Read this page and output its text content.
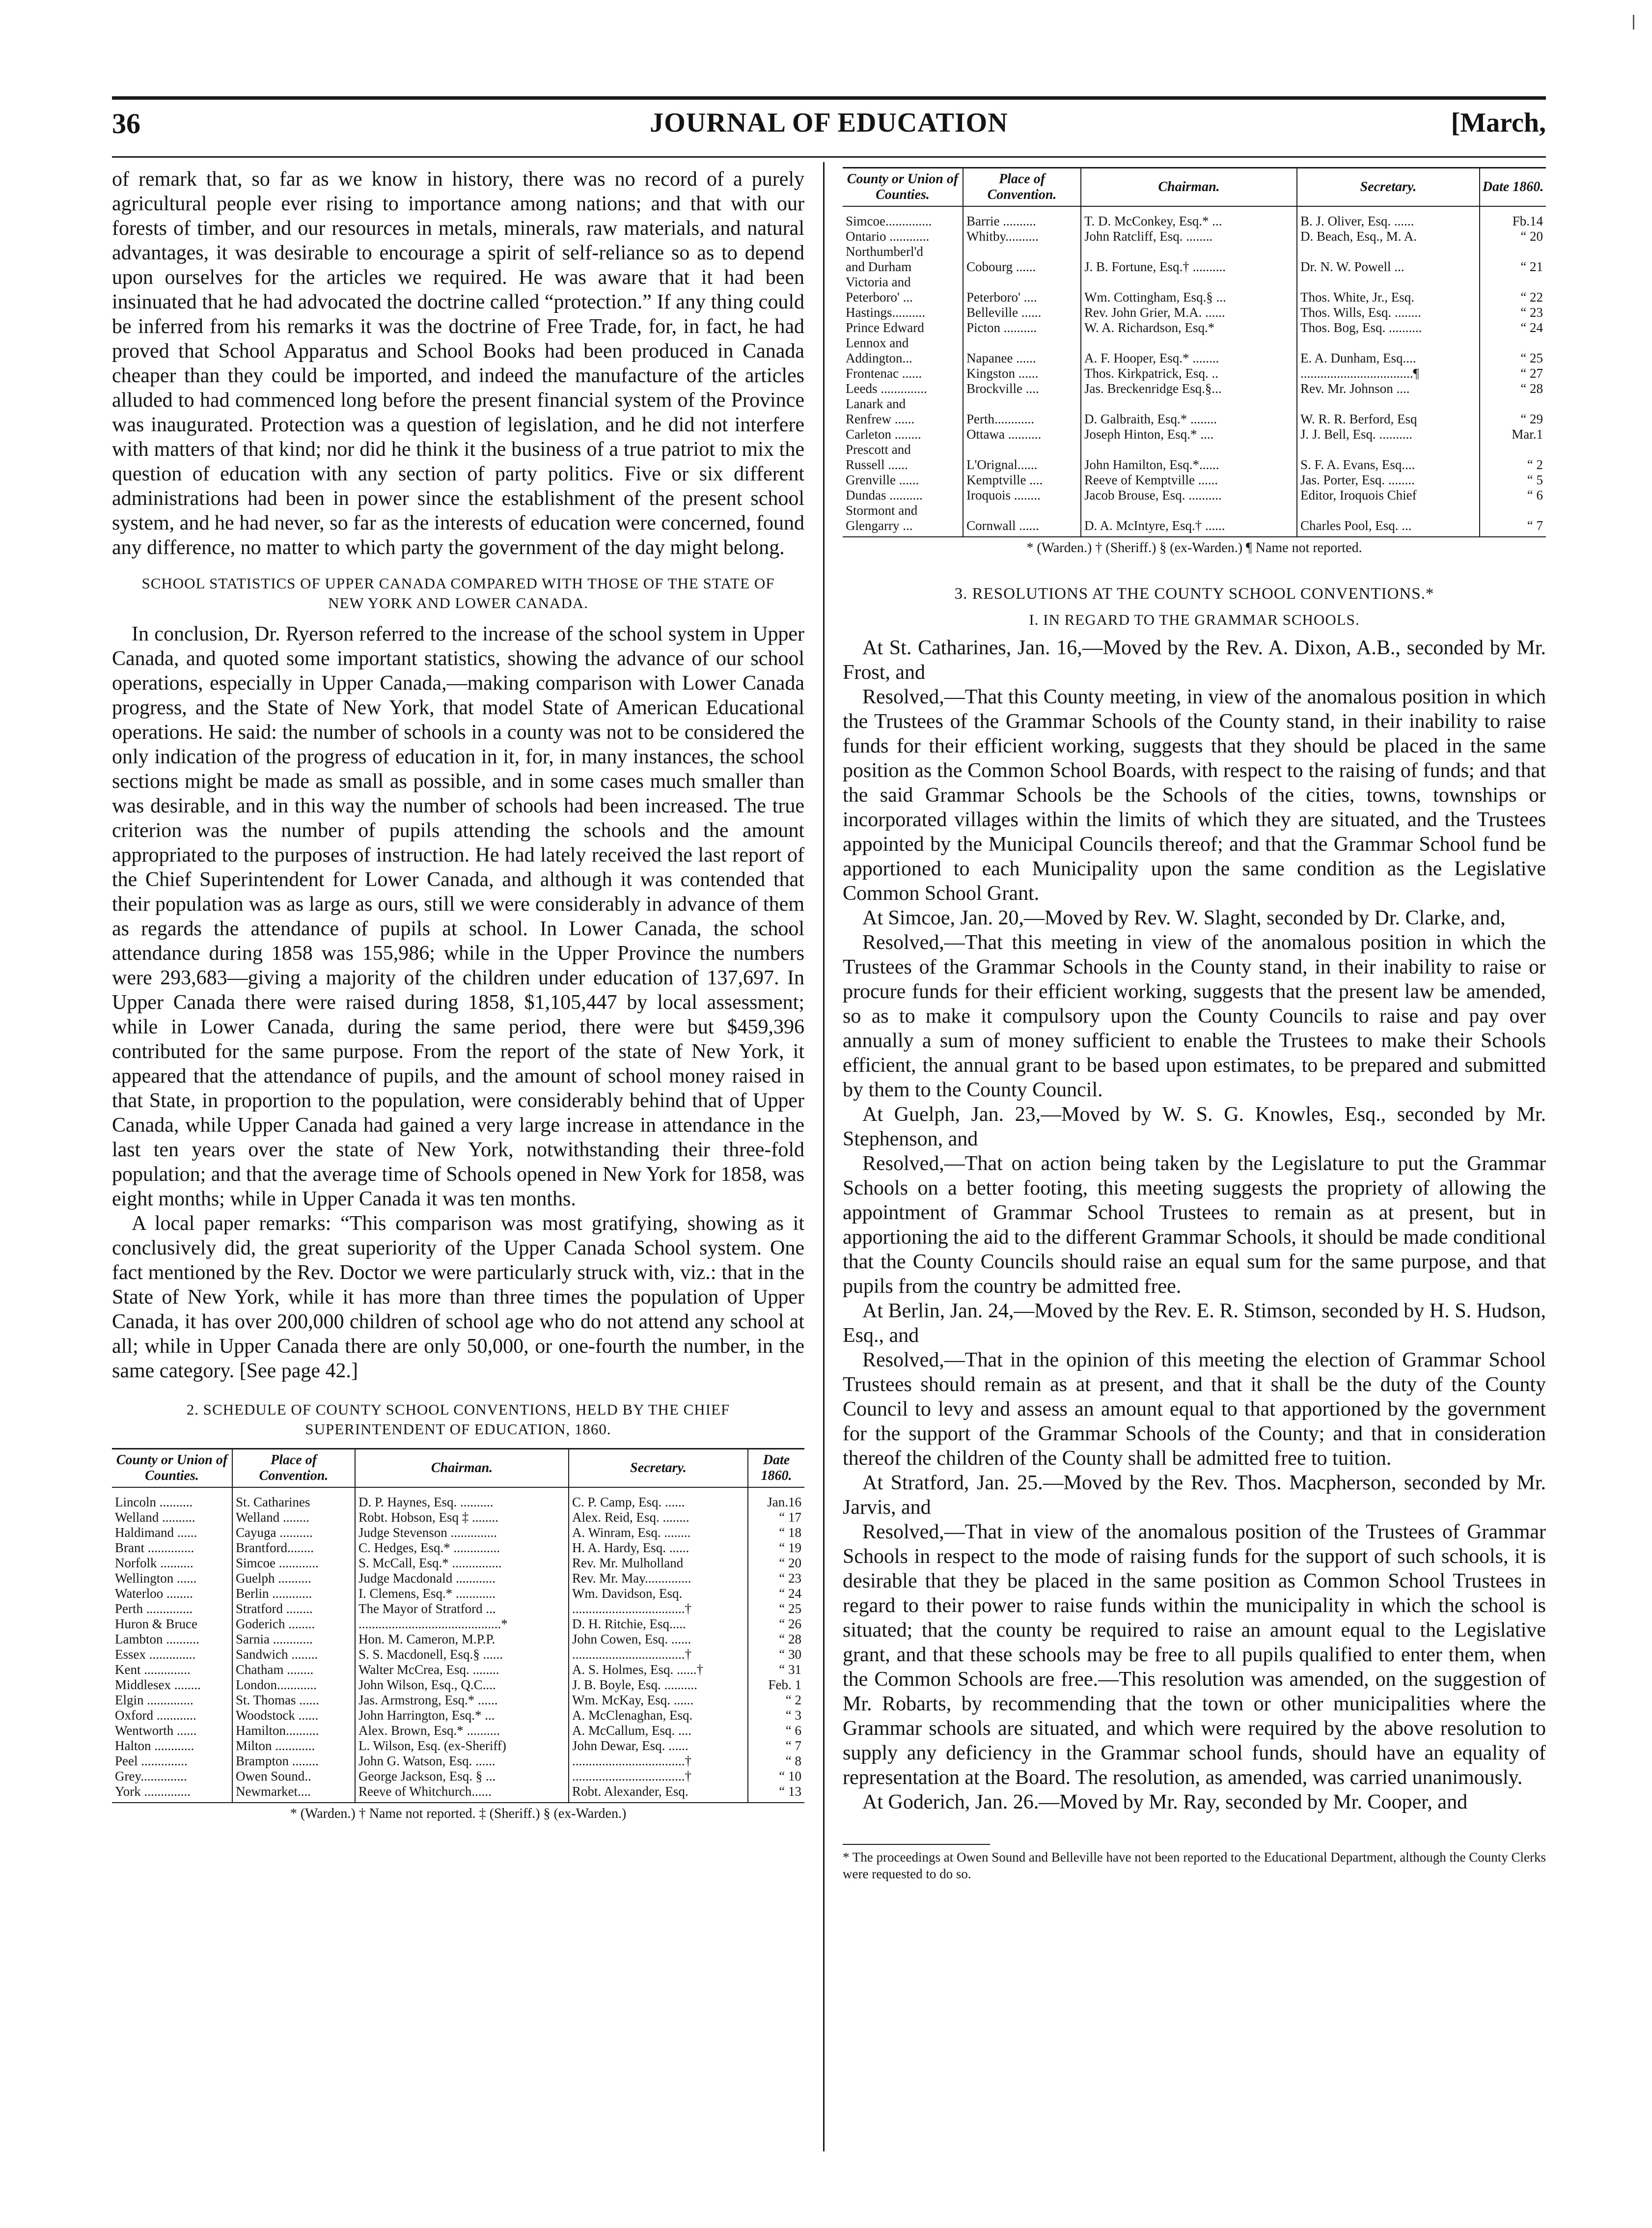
36	JOURNAL OF EDUCATION	[March,

of remark that, so far as we know in history, there was no record of a purely agricultural people ever rising to importance among nations; and that with our forests of timber, and our resources in metals, minerals, raw materials, and natural advantages, it was desirable to encourage a spirit of self-reliance so as to depend upon ourselves for the articles we required. He was aware that it had been insinuated that he had advocated the doctrine called “protection.” If any thing could be inferred from his remarks it was the doctrine of Free Trade, for, in fact, he had proved that School Apparatus and School Books had been produced in Canada cheaper than they could be imported, and indeed the manufacture of the articles alluded to had commenced long before the present financial system of the Province was inaugurated. Protection was a question of legislation, and he did not interfere with matters of that kind; nor did he think it the business of a true patriot to mix the question of education with any section of party politics. Five or six different administrations had been in power since the establishment of the present school system, and he had never, so far as the interests of education were concerned, found any difference, no matter to which party the government of the day might belong.

SCHOOL STATISTICS OF UPPER CANADA COMPARED WITH THOSE OF THE STATE OF NEW YORK AND LOWER CANADA.

In conclusion, Dr. Ryerson referred to the increase of the school system in Upper Canada, and quoted some important statistics, showing the advance of our school operations, especially in Upper Canada,—making comparison with Lower Canada progress, and the State of New York, that model State of American Educational operations. He said: the number of schools in a county was not to be considered the only indication of the progress of education in it, for, in many instances, the school sections might be made as small as possible, and in some cases much smaller than was desirable, and in this way the number of schools had been increased. The true criterion was the number of pupils attending the schools and the amount appropriated to the purposes of instruction. He had lately received the last report of the Chief Superintendent for Lower Canada, and although it was contended that their population was as large as ours, still we were considerably in advance of them as regards the attendance of pupils at school. In Lower Canada, the school attendance during 1858 was 155,986; while in the Upper Province the numbers were 293,683—giving a majority of the children under education of 137,697. In Upper Canada there were raised during 1858, $1,105,447 by local assessment; while in Lower Canada, during the same period, there were but $459,396 contributed for the same purpose. From the report of the state of New York, it appeared that the attendance of pupils, and the amount of school money raised in that State, in proportion to the population, were considerably behind that of Upper Canada, while Upper Canada had gained a very large increase in attendance in the last ten years over the state of New York, notwithstanding their three-fold population; and that the average time of Schools opened in New York for 1858, was eight months; while in Upper Canada it was ten months.

A local paper remarks: “This comparison was most gratifying, showing as it conclusively did, the great superiority of the Upper Canada School system. One fact mentioned by the Rev. Doctor we were particularly struck with, viz.: that in the State of New York, while it has more than three times the population of Upper Canada, it has over 200,000 children of school age who do not attend any school at all; while in Upper Canada there are only 50,000, or one-fourth the number, in the same category. [See page 42.]

2. SCHEDULE OF COUNTY SCHOOL CONVENTIONS, HELD BY THE CHIEF SUPERINTENDENT OF EDUCATION, 1860.
County or Union of Counties.	Place of Convention.	Chairman.	Secretary.	Date 1860.
Lincoln ..........	St. Catharines	D. P. Haynes, Esq. ..........	C. P. Camp, Esq. ......	Jan.16
Welland ..........	Welland ........	Robt. Hobson, Esq ‡ ........	Alex. Reid, Esq. ........	“ 17
Haldimand ......	Cayuga ..........	Judge Stevenson ..............	A. Winram, Esq. ........	“ 18
Brant ..............	Brantford........	C. Hedges, Esq.* ..............	H. A. Hardy, Esq. ......	“ 19
Norfolk ..........	Simcoe ............	S. McCall, Esq.* ...............	Rev. Mr. Mulholland	“ 20
Wellington ......	Guelph ..........	Judge Macdonald ............	Rev. Mr. May..............	“ 23
Waterloo ........	Berlin ............	I. Clemens, Esq.* ............	Wm. Davidson, Esq.	“ 24
Perth ..............	Stratford ........	The Mayor of Stratford ...	..................................†	“ 25
Huron & Bruce	Goderich ........	...........................................*	D. H. Ritchie, Esq.....	“ 26
Lambton ..........	Sarnia ............	Hon. M. Cameron, M.P.P.	John Cowen, Esq. ......	“ 28
Essex ..............	Sandwich ........	S. S. Macdonell, Esq.§ ......	..................................†	“ 30
Kent ..............	Chatham ........	Walter McCrea, Esq. ........	A. S. Holmes, Esq. ......†	“ 31
Middlesex ........	London............	John Wilson, Esq., Q.C....	J. B. Boyle, Esq. ..........	Feb. 1
Elgin ..............	St. Thomas ......	Jas. Armstrong, Esq.* ......	Wm. McKay, Esq. ......	“ 2
Oxford ............	Woodstock ......	John Harrington, Esq.* ...	A. McClenaghan, Esq.	“ 3
Wentworth ......	Hamilton..........	Alex. Brown, Esq.* ..........	A. McCallum, Esq. ....	“ 6
Halton ............	Milton ............	L. Wilson, Esq. (ex-Sheriff)	John Dewar, Esq. ......	“ 7
Peel ..............	Brampton ........	John G. Watson, Esq. ......	..................................†	“ 8
Grey..............	Owen Sound..	George Jackson, Esq. § ...	..................................†	“ 10
York ..............	Newmarket....	Reeve of Whitchurch......	Robt. Alexander, Esq.	“ 13
* (Warden.) † Name not reported. ‡ (Sheriff.) § (ex-Warden.)
County or Union of Counties.	Place of Convention.	Chairman.	Secretary.	Date 1860.
Simcoe..............	Barrie ..........	T. D. McConkey, Esq.* ...	B. J. Oliver, Esq. ......	Fb.14
Ontario ............	Whitby..........	John Ratcliff, Esq. ........	D. Beach, Esq., M. A.	“ 20
Northumberl'd				
and Durham	Cobourg ......	J. B. Fortune, Esq.† ..........	Dr. N. W. Powell ...	“ 21
Victoria and				
Peterboro' ...	Peterboro' ....	Wm. Cottingham, Esq.§ ...	Thos. White, Jr., Esq.	“ 22
Hastings..........	Belleville ......	Rev. John Grier, M.A. ......	Thos. Wills, Esq. ........	“ 23
Prince Edward	Picton ..........	W. A. Richardson, Esq.*	Thos. Bog, Esq. ..........	“ 24
Lennox and				
Addington...	Napanee ......	A. F. Hooper, Esq.* ........	E. A. Dunham, Esq....	“ 25
Frontenac ......	Kingston ......	Thos. Kirkpatrick, Esq. ..	..................................¶	“ 27
Leeds ..............	Brockville ....	Jas. Breckenridge Esq.§...	Rev. Mr. Johnson ....	“ 28
Lanark and				
Renfrew ......	Perth............	D. Galbraith, Esq.* ........	W. R. R. Berford, Esq	“ 29
Carleton ........	Ottawa ..........	Joseph Hinton, Esq.* ....	J. J. Bell, Esq. ..........	Mar.1
Prescott and				
Russell ......	L'Orignal......	John Hamilton, Esq.*......	S. F. A. Evans, Esq....	“ 2
Grenville ......	Kemptville ....	Reeve of Kemptville ......	Jas. Porter, Esq. ........	“ 5
Dundas ..........	Iroquois ........	Jacob Brouse, Esq. ..........	Editor, Iroquois Chief	“ 6
Stormont and				
Glengarry ...	Cornwall ......	D. A. McIntyre, Esq.† ......	Charles Pool, Esq. ...	“ 7
* (Warden.) † (Sheriff.) § (ex-Warden.) ¶ Name not reported.
3. RESOLUTIONS AT THE COUNTY SCHOOL CONVENTIONS.*
I. IN REGARD TO THE GRAMMAR SCHOOLS.

At St. Catharines, Jan. 16,—Moved by the Rev. A. Dixon, A.B., seconded by Mr. Frost, and

Resolved,—That this County meeting, in view of the anomalous position in which the Trustees of the Grammar Schools of the County stand, in their inability to raise funds for their efficient working, suggests that they should be placed in the same position as the Common School Boards, with respect to the raising of funds; and that the said Grammar Schools be the Schools of the cities, towns, townships or incorporated villages within the limits of which they are situated, and the Trustees appointed by the Municipal Councils thereof; and that the Grammar School fund be apportioned to each Municipality upon the same condition as the Legislative Common School Grant.

At Simcoe, Jan. 20,—Moved by Rev. W. Slaght, seconded by Dr. Clarke, and,

Resolved,—That this meeting in view of the anomalous position in which the Trustees of the Grammar Schools in the County stand, in their inability to raise or procure funds for their efficient working, suggests that the present law be amended, so as to make it compulsory upon the County Councils to raise and pay over annually a sum of money sufficient to enable the Trustees to make their Schools efficient, the annual grant to be based upon estimates, to be prepared and submitted by them to the County Council.

At Guelph, Jan. 23,—Moved by W. S. G. Knowles, Esq., seconded by Mr. Stephenson, and

Resolved,—That on action being taken by the Legislature to put the Grammar Schools on a better footing, this meeting suggests the propriety of allowing the appointment of Grammar School Trustees to remain as at present, but in apportioning the aid to the different Grammar Schools, it should be made conditional that the County Councils should raise an equal sum for the same purpose, and that pupils from the country be admitted free.

At Berlin, Jan. 24,—Moved by the Rev. E. R. Stimson, seconded by H. S. Hudson, Esq., and

Resolved,—That in the opinion of this meeting the election of Grammar School Trustees should remain as at present, and that it shall be the duty of the County Council to levy and assess an amount equal to that apportioned by the government for the support of the Grammar Schools of the County; and that in consideration thereof the children of the County shall be admitted free to tuition.

At Stratford, Jan. 25.—Moved by the Rev. Thos. Macpherson, seconded by Mr. Jarvis, and

Resolved,—That in view of the anomalous position of the Trustees of Grammar Schools in respect to the mode of raising funds for the support of such schools, it is desirable that they be placed in the same position as Common School Trustees in regard to their power to raise funds within the municipality in which the school is situated; that the county be required to raise an amount equal to the Legislative grant, and that these schools may be free to all pupils qualified to enter them, when the Common Schools are free.—This resolution was amended, on the suggestion of Mr. Robarts, by recommending that the town or other municipalities where the Grammar schools are situated, and which were required by the above resolution to supply any deficiency in the Grammar school funds, should have an equality of representation at the Board. The resolution, as amended, was carried unanimously.

At Goderich, Jan. 26.—Moved by Mr. Ray, seconded by Mr. Cooper, and

* The proceedings at Owen Sound and Belleville have not been reported to the Educational Department, although the County Clerks were requested to do so.
